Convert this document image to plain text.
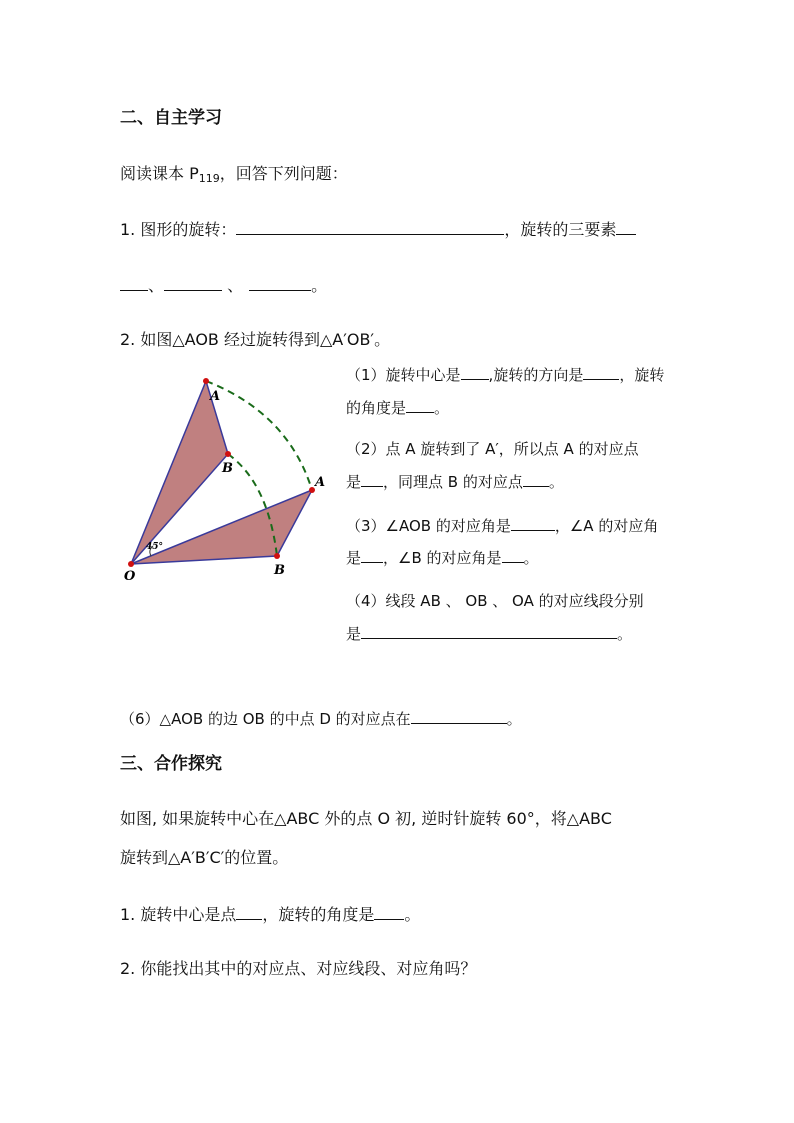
二、自主学习
阅读课本 $P_{119}$，回答下列问题：
1. 图形的旋转：	，旋转的三要素
、	、	。
2. 如图△AOB 经过旋转得到△A′OB′。
A
B
A
B
O
45°
（1）旋转中心是 ,旋转的方向是 ，旋转
的角度是 。
（2）点 A 旋转到了 A′，所以点 A 的对应点
是 ，同理点 B 的对应点 。
（3）∠AOB 的对应角是	，∠A 的对应角
是 ，∠B 的对应角是 。
（4）线段 AB 、 OB 、 OA 的对应线段分别
是	。
（6）△AOB 的边 OB 的中点 D 的对应点在	。
三、合作探究
如图, 如果旋转中心在△ABC 外的点 O 初, 逆时针旋转 60°，将△ABC
旋转到△A′B′C′的位置。
1. 旋转中心是点 ，旋转的角度是 。
2. 你能找出其中的对应点、对应线段、对应角吗？
